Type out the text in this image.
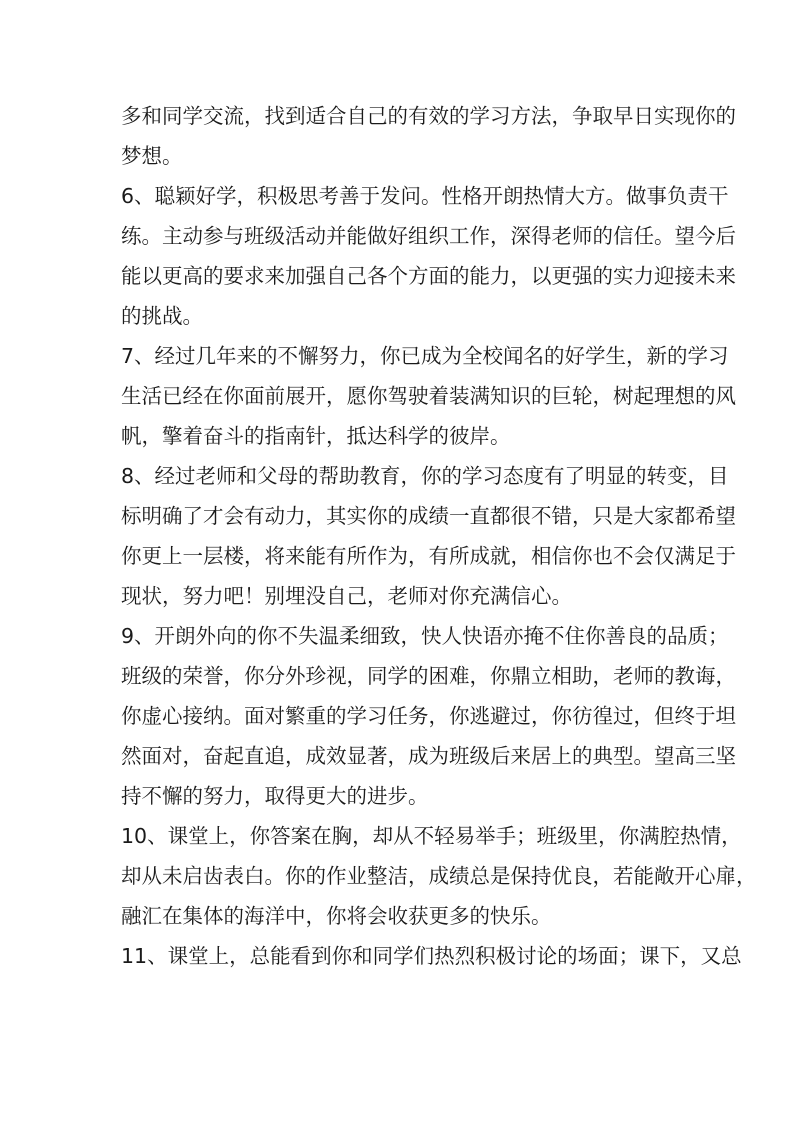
多和同学交流，找到适合自己的有效的学习方法，争取早日实现你的
梦想。
6、聪颖好学，积极思考善于发问。性格开朗热情大方。做事负责干
练。主动参与班级活动并能做好组织工作，深得老师的信任。望今后
能以更高的要求来加强自己各个方面的能力，以更强的实力迎接未来
的挑战。
7、经过几年来的不懈努力，你已成为全校闻名的好学生，新的学习
生活已经在你面前展开，愿你驾驶着装满知识的巨轮，树起理想的风
帆，擎着奋斗的指南针，抵达科学的彼岸。
8、经过老师和父母的帮助教育，你的学习态度有了明显的转变，目
标明确了才会有动力，其实你的成绩一直都很不错，只是大家都希望
你更上一层楼，将来能有所作为，有所成就，相信你也不会仅满足于
现状，努力吧！别埋没自己，老师对你充满信心。
9、开朗外向的你不失温柔细致，快人快语亦掩不住你善良的品质；
班级的荣誉，你分外珍视，同学的困难，你鼎立相助，老师的教诲，
你虚心接纳。面对繁重的学习任务，你逃避过，你彷徨过，但终于坦
然面对，奋起直追，成效显著，成为班级后来居上的典型。望高三坚
持不懈的努力，取得更大的进步。
10、课堂上，你答案在胸，却从不轻易举手；班级里，你满腔热情，
却从未启齿表白。你的作业整洁，成绩总是保持优良，若能敞开心扉，
融汇在集体的海洋中，你将会收获更多的快乐。
11、课堂上，总能看到你和同学们热烈积极讨论的场面；课下，又总
